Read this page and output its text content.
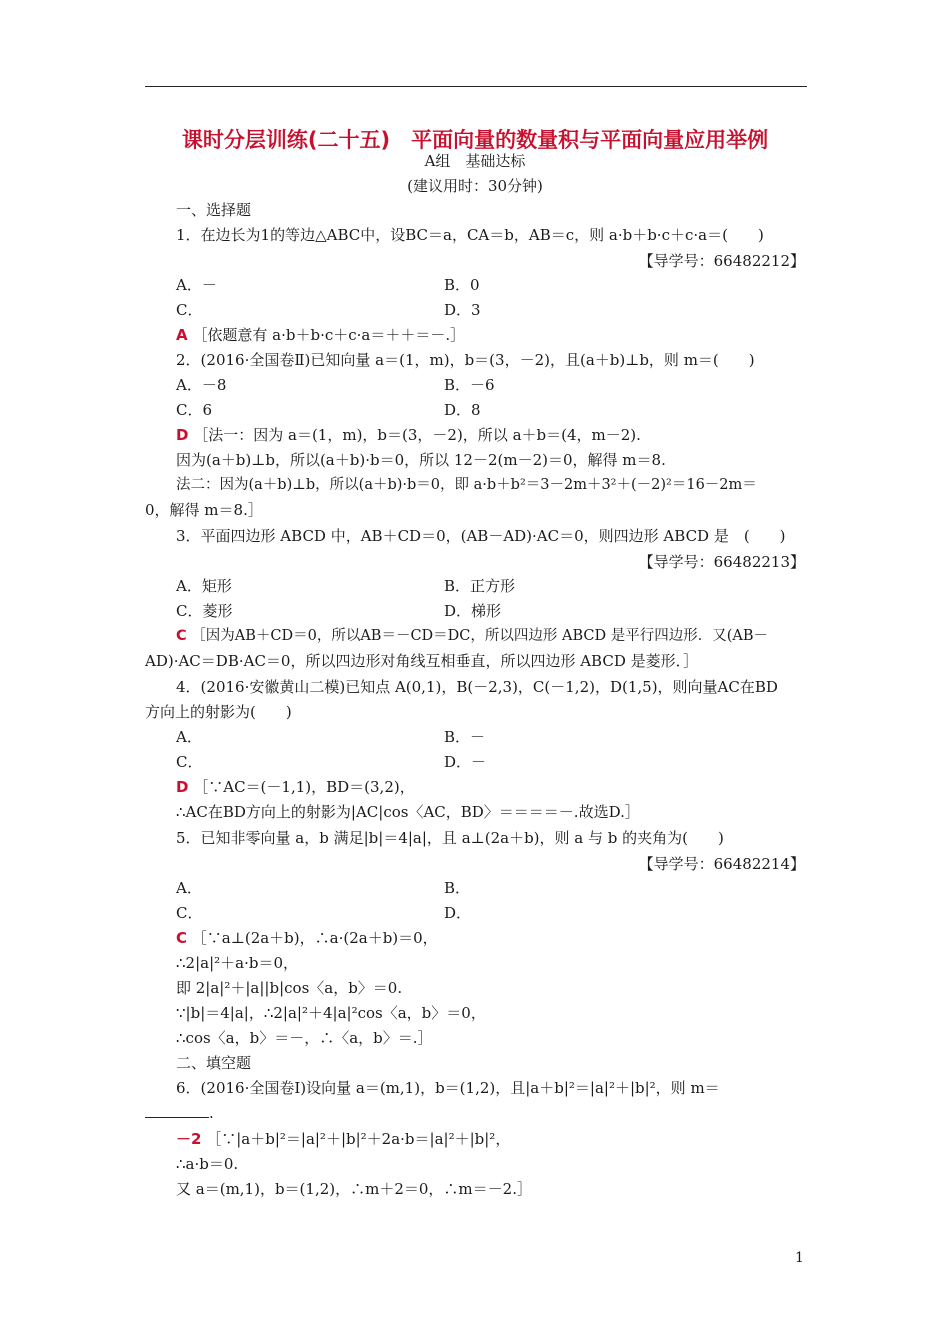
课时分层训练(二十五)　平面向量的数量积与平面向量应用举例
A组　基础达标
(建议用时：30分钟)
一、选择题
1．在边长为1的等边△ABC中，设BC＝a，CA＝b，AB＝c，则 a·b＋b·c＋c·a＝(　　)
【导学号：66482212】
A．－	B．0
C．	D．3
A ［依题意有 a·b＋b·c＋c·a＝＋＋＝－.］
2．(2016·全国卷Ⅱ)已知向量 a＝(1，m)，b＝(3，－2)，且(a＋b)⊥b，则 m＝(　　)
A．－8	B．－6
C．6	D．8
D ［法一：因为 a＝(1，m)，b＝(3，－2)，所以 a＋b＝(4，m－2).
因为(a＋b)⊥b，所以(a＋b)·b＝0，所以 12－2(m－2)＝0，解得 m＝8.
法二：因为(a＋b)⊥b，所以(a＋b)·b＝0，即 a·b＋b²＝3－2m＋3²＋(－2)²＝16－2m＝
0，解得 m＝8.］
3．平面四边形 ABCD 中，AB＋CD＝0，(AB－AD)·AC＝0，则四边形 ABCD 是　(　　)
【导学号：66482213】
A．矩形	B．正方形
C．菱形	D．梯形
C ［因为AB＋CD＝0，所以AB＝－CD＝DC，所以四边形 ABCD 是平行四边形．又(AB－
AD)·AC＝DB·AC＝0，所以四边形对角线互相垂直，所以四边形 ABCD 是菱形．］
4．(2016·安徽黄山二模)已知点 A(0,1)，B(－2,3)，C(－1,2)，D(1,5)，则向量AC在BD
方向上的射影为(　　)
A．	B．－
C．	D．－
D ［∵AC＝(－1,1)，BD＝(3,2)，
∴AC在BD方向上的射影为|AC|cos〈AC，BD〉＝＝＝＝－.故选D.］
5．已知非零向量 a，b 满足|b|＝4|a|，且 a⊥(2a＋b)，则 a 与 b 的夹角为(　　)
【导学号：66482214】
A．	B．
C．	D．
C ［∵a⊥(2a＋b)，∴a·(2a＋b)＝0，
∴2|a|²＋a·b＝0，
即 2|a|²＋|a||b|cos〈a，b〉＝0.
∵|b|＝4|a|，∴2|a|²＋4|a|²cos〈a，b〉＝0，
∴cos〈a，b〉＝－，∴〈a，b〉＝.］
二、填空题
6．(2016·全国卷Ⅰ)设向量 a＝(m,1)，b＝(1,2)，且|a＋b|²＝|a|²＋|b|²，则 m＝
.
－2 ［∵|a＋b|²＝|a|²＋|b|²＋2a·b＝|a|²＋|b|²，
∴a·b＝0.
又 a＝(m,1)，b＝(1,2)，∴m＋2＝0，∴m＝－2.］
1
